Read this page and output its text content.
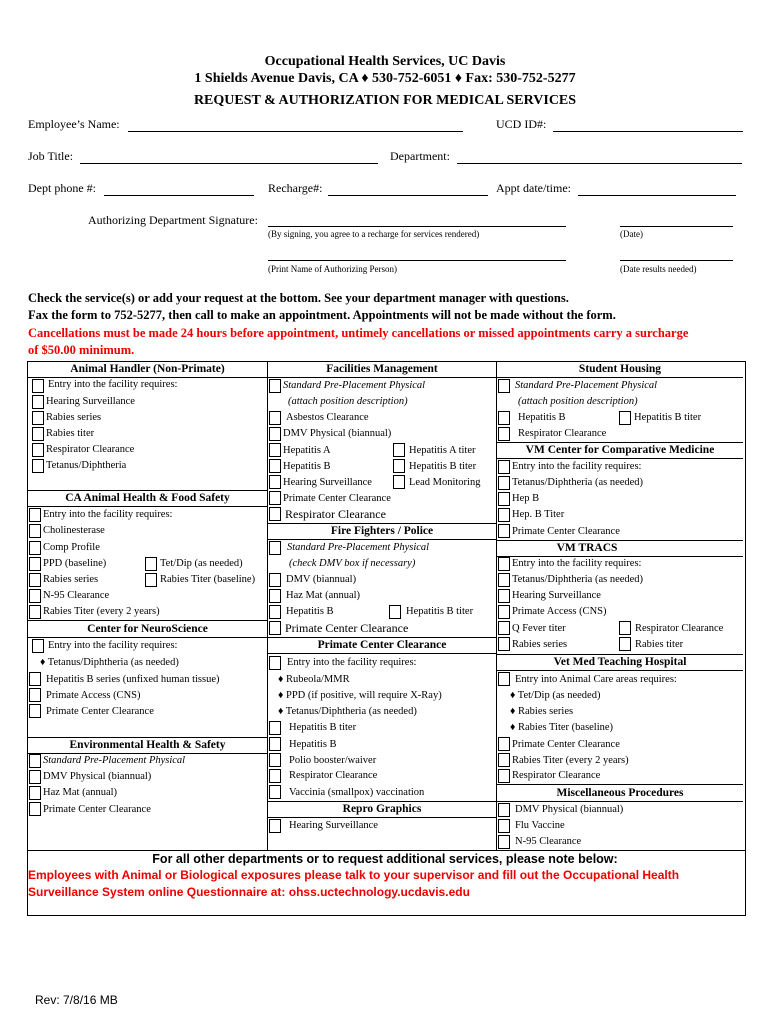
Occupational Health Services, UC Davis
1 Shields Avenue Davis, CA ♦ 530-752-6051 ♦ Fax: 530-752-5277
REQUEST & AUTHORIZATION FOR MEDICAL SERVICES
Employee’s Name:	UCD ID#:
Job Title:	Department:
Dept phone #:	Recharge#:	Appt date/time:
Authorizing Department Signature:
(By signing, you agree to a recharge for services rendered)	(Date)
(Print Name of Authorizing Person)	(Date results needed)
Check the service(s) or add your request at the bottom. See your department manager with questions.
Fax the form to 752-5277, then call to make an appointment. Appointments will not be made without the form.
Cancellations must be made 24 hours before appointment, untimely cancellations or missed appointments carry a surcharge
of $50.00 minimum.
Animal Handler (Non-Primate)
Entry into the facility requires:
Hearing Surveillance
Rabies series
Rabies titer
Respirator Clearance
Tetanus/Diphtheria
CA Animal Health & Food Safety
Entry into the facility requires:
Cholinesterase
Comp Profile
PPD (baseline)	Tet/Dip (as needed)
Rabies series	Rabies Titer (baseline)
N-95 Clearance
Rabies Titer (every 2 years)
Center for NeuroScience
Entry into the facility requires:
♦ Tetanus/Diphtheria (as needed)
Hepatitis B series (unfixed human tissue)
Primate Access (CNS)
Primate Center Clearance
Environmental Health & Safety
Standard Pre-Placement Physical
DMV Physical (biannual)
Haz Mat (annual)
Primate Center Clearance
Facilities Management
Standard Pre-Placement Physical
(attach position description)
Asbestos Clearance
DMV Physical (biannual)
Hepatitis A	Hepatitis A titer
Hepatitis B	Hepatitis B titer
Hearing Surveillance	Lead Monitoring
Primate Center Clearance
Respirator Clearance
Fire Fighters / Police
Standard Pre-Placement Physical
(check DMV box if necessary)
DMV (biannual)
Haz Mat (annual)
Hepatitis B	Hepatitis B titer
Primate Center Clearance
Primate Center Clearance
Entry into the facility requires:
♦ Rubeola/MMR
♦ PPD (if positive, will require X-Ray)
♦ Tetanus/Diphtheria (as needed)
Hepatitis B titer
Hepatitis B
Polio booster/waiver
Respirator Clearance
Vaccinia (smallpox) vaccination
Repro Graphics
Hearing Surveillance
Student Housing
Standard Pre-Placement Physical
(attach position description)
Hepatitis B	Hepatitis B titer
Respirator Clearance
VM Center for Comparative Medicine
Entry into the facility requires:
Tetanus/Diphtheria (as needed)
Hep B
Hep. B Titer
Primate Center Clearance
VM TRACS
Entry into the facility requires:
Tetanus/Diphtheria (as needed)
Hearing Surveillance
Primate Access (CNS)
Q Fever titer	Respirator Clearance
Rabies series	Rabies titer
Vet Med Teaching Hospital
Entry into Animal Care areas requires:
♦ Tet/Dip (as needed)
♦ Rabies series
♦ Rabies Titer (baseline)
Primate Center Clearance
Rabies Titer (every 2 years)
Respirator Clearance
Miscellaneous Procedures
DMV Physical (biannual)
Flu Vaccine
N-95 Clearance
For all other departments or to request additional services, please note below:
Employees with Animal or Biological exposures please talk to your supervisor and fill out the Occupational Health
Surveillance System online Questionnaire at: ohss.uctechnology.ucdavis.edu
Rev: 7/8/16 MB
